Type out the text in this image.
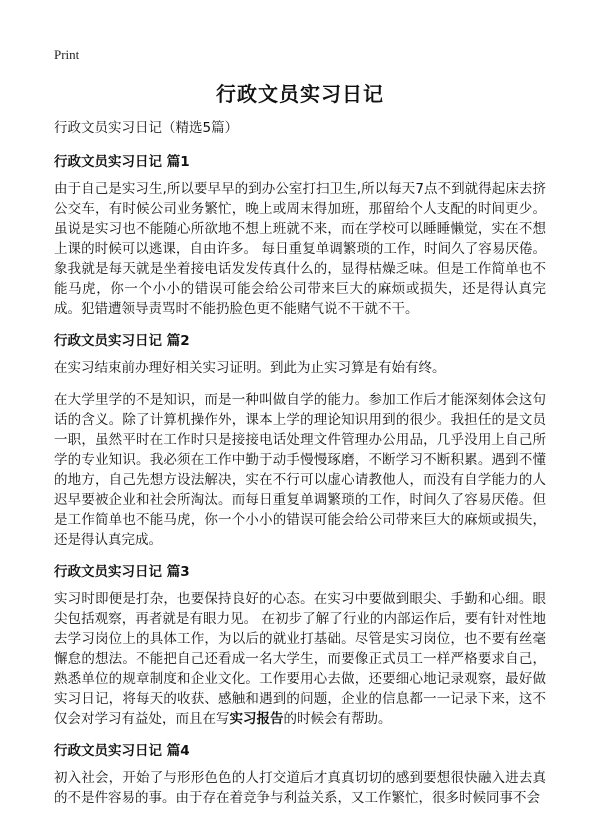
Print
行政文员实习日记

行政文员实习日记（精选5篇）

行政文员实习日记 篇1

由于自己是实习生,所以要早早的到办公室打扫卫生,所以每天7点不到就得起床去挤公交车，有时候公司业务繁忙，晚上或周末得加班，那留给个人支配的时间更少。虽说是实习也不能随心所欲地不想上班就不来，而在学校可以睡睡懒觉，实在不想上课的时候可以逃课，自由许多。 每日重复单调繁琐的工作，时间久了容易厌倦。象我就是每天就是坐着接电话发发传真什么的，显得枯燥乏味。但是工作简单也不能马虎，你一个小小的错误可能会给公司带来巨大的麻烦或损失，还是得认真完成。犯错遭领导责骂时不能扔脸色更不能赌气说不干就不干。

行政文员实习日记 篇2

在实习结束前办理好相关实习证明。到此为止实习算是有始有终。

在大学里学的不是知识，而是一种叫做自学的能力。参加工作后才能深刻体会这句话的含义。除了计算机操作外，课本上学的理论知识用到的很少。我担任的是文员一职，虽然平时在工作时只是接接电话处理文件管理办公用品，几乎没用上自己所学的专业知识。我必须在工作中勤于动手慢慢琢磨，不断学习不断积累。遇到不懂的地方，自己先想方设法解决，实在不行可以虚心请教他人，而没有自学能力的人迟早要被企业和社会所淘汰。而每日重复单调繁琐的工作，时间久了容易厌倦。但是工作简单也不能马虎，你一个小小的错误可能会给公司带来巨大的麻烦或损失，还是得认真完成。

行政文员实习日记 篇3

实习时即便是打杂，也要保持良好的心态。在实习中要做到眼尖、手勤和心细。眼尖包括观察，再者就是有眼力见。 在初步了解了行业的内部运作后，要有针对性地去学习岗位上的具体工作，为以后的就业打基础。尽管是实习岗位，也不要有丝毫懈怠的想法。不能把自己还看成一名大学生，而要像正式员工一样严格要求自己，熟悉单位的规章制度和企业文化。工作要用心去做，还要细心地记录观察，最好做实习日记，将每天的收获、感触和遇到的问题，企业的信息都一一记录下来，这不仅会对学习有益处，而且在写实习报告的时候会有帮助。

行政文员实习日记 篇4

初入社会，开始了与形形色色的人打交道后才真真切切的感到要想很快融入进去真的不是件容易的事。由于存在着竞争与利益关系，又工作繁忙，很多时候同事不会
